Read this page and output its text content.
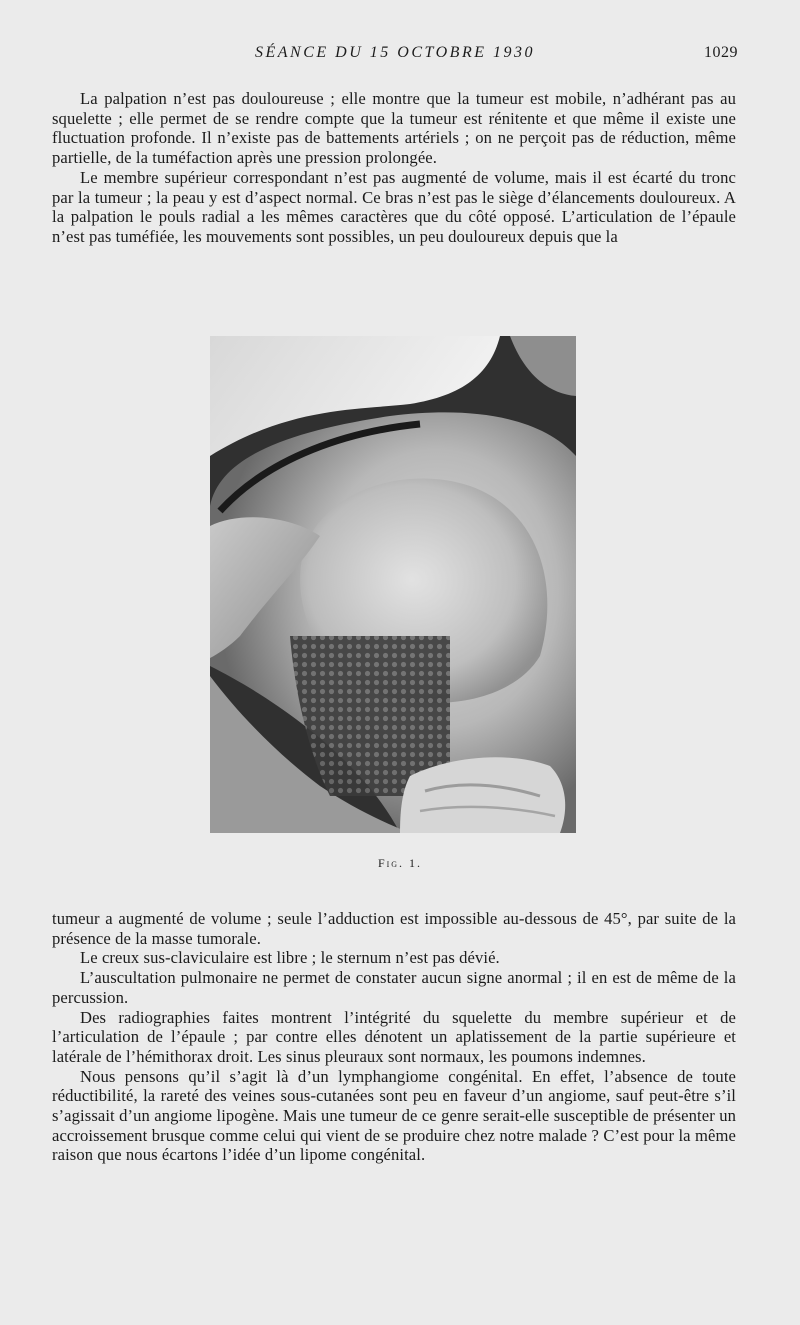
SÉANCE DU 15 OCTOBRE 1930	1029

La palpation n’est pas douloureuse ; elle montre que la tumeur est mobile, n’adhérant pas au squelette ; elle permet de se rendre compte que la tumeur est rénitente et que même il existe une fluctuation profonde. Il n’existe pas de battements artériels ; on ne perçoit pas de réduction, même partielle, de la tuméfaction après une pression prolongée.

Le membre supérieur correspondant n’est pas augmenté de volume, mais il est écarté du tronc par la tumeur ; la peau y est d’aspect normal. Ce bras n’est pas le siège d’élancements douloureux. A la palpation le pouls radial a les mêmes caractères que du côté opposé. L’articulation de l’épaule n’est pas tuméfiée, les mouvements sont possibles, un peu douloureux depuis que la

Fig. 1.

tumeur a augmenté de volume ; seule l’adduction est impossible au-dessous de 45°, par suite de la présence de la masse tumorale.

Le creux sus-claviculaire est libre ; le sternum n’est pas dévié.

L’auscultation pulmonaire ne permet de constater aucun signe anormal ; il en est de même de la percussion.

Des radiographies faites montrent l’intégrité du squelette du membre supérieur et de l’articulation de l’épaule ; par contre elles dénotent un aplatissement de la partie supérieure et latérale de l’hémithorax droit. Les sinus pleuraux sont normaux, les poumons indemnes.

Nous pensons qu’il s’agit là d’un lymphangiome congénital. En effet, l’absence de toute réductibilité, la rareté des veines sous-cutanées sont peu en faveur d’un angiome, sauf peut-être s’il s’agissait d’un angiome lipogène. Mais une tumeur de ce genre serait-elle susceptible de présenter un accroissement brusque comme celui qui vient de se produire chez notre malade ? C’est pour la même raison que nous écartons l’idée d’un lipome congénital.
